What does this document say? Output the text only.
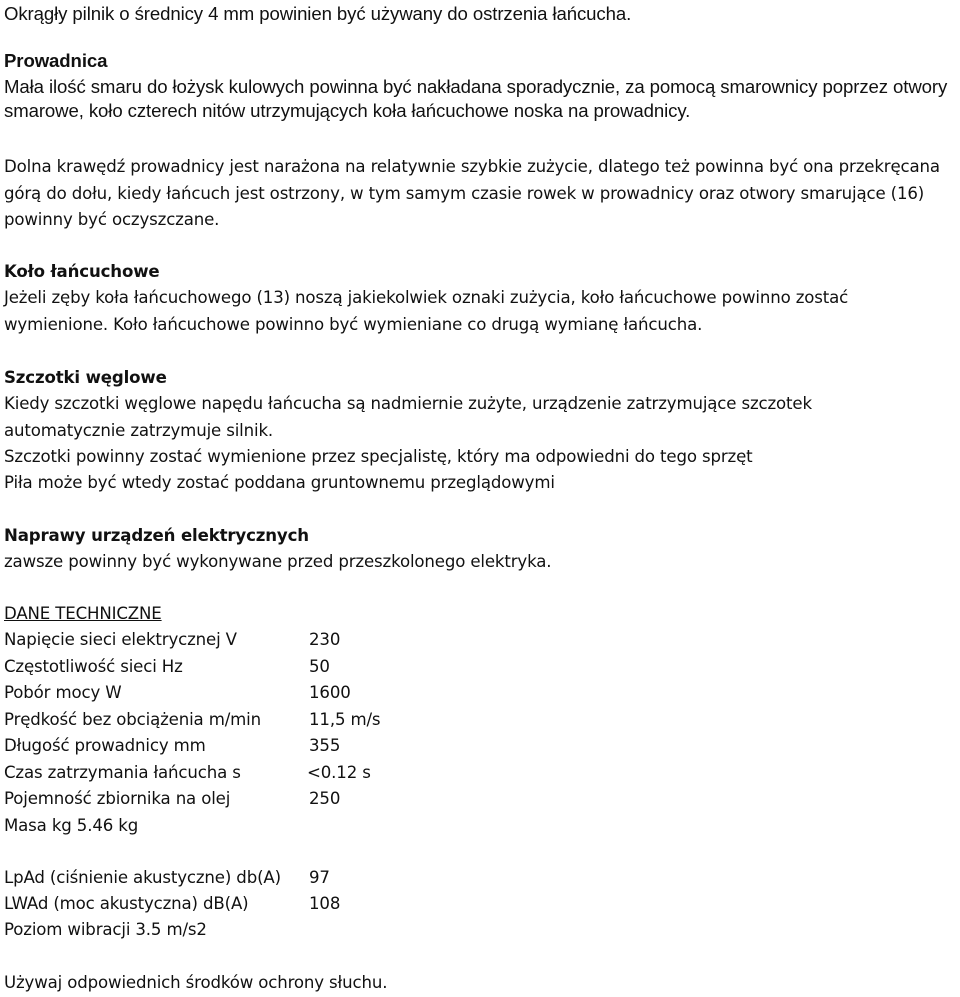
Okrągły pilnik o średnicy 4 mm powinien być używany do ostrzenia łańcucha.

Prowadnica

Mała ilość smaru do łożysk kulowych powinna być nakładana sporadycznie, za pomocą smarownicy poprzez otwory smarowe, koło czterech nitów utrzymujących koła łańcuchowe noska na prowadnicy.

Dolna krawędź prowadnicy jest narażona na relatywnie szybkie zużycie, dlatego też powinna być ona przekręcana górą do dołu, kiedy łańcuch jest ostrzony, w tym samym czasie rowek w prowadnicy oraz otwory smarujące (16) powinny być oczyszczane.

Koło łańcuchowe

Jeżeli zęby koła łańcuchowego (13) noszą jakiekolwiek oznaki zużycia, koło łańcuchowe powinno zostać wymienione. Koło łańcuchowe powinno być wymieniane co drugą wymianę łańcucha.

Szczotki węglowe

Kiedy szczotki węglowe napędu łańcucha są nadmiernie zużyte, urządzenie zatrzymujące szczotek automatycznie zatrzymuje silnik.

Szczotki powinny zostać wymienione przez specjalistę, który ma odpowiedni do tego sprzęt

Piła może być wtedy zostać poddana gruntownemu przeglądowymi

Naprawy urządzeń elektrycznych

zawsze powinny być wykonywane przed przeszkolonego elektryka.

DANE TECHNICZNE

Napięcie sieci elektrycznej V	230
Częstotliwość sieci Hz	50
Pobór mocy W	1600
Prędkość bez obciążenia m/min	11,5 m/s
Długość prowadnicy mm	355
Czas zatrzymania łańcucha s	<0.12 s
Pojemność zbiornika na olej	250
Masa kg 5.46 kg
LpAd (ciśnienie akustyczne) db(A) 97
LWAd (moc akustyczna) dB(A)	108
Poziom wibracji 3.5 m/s2

Używaj odpowiednich środków ochrony słuchu.
